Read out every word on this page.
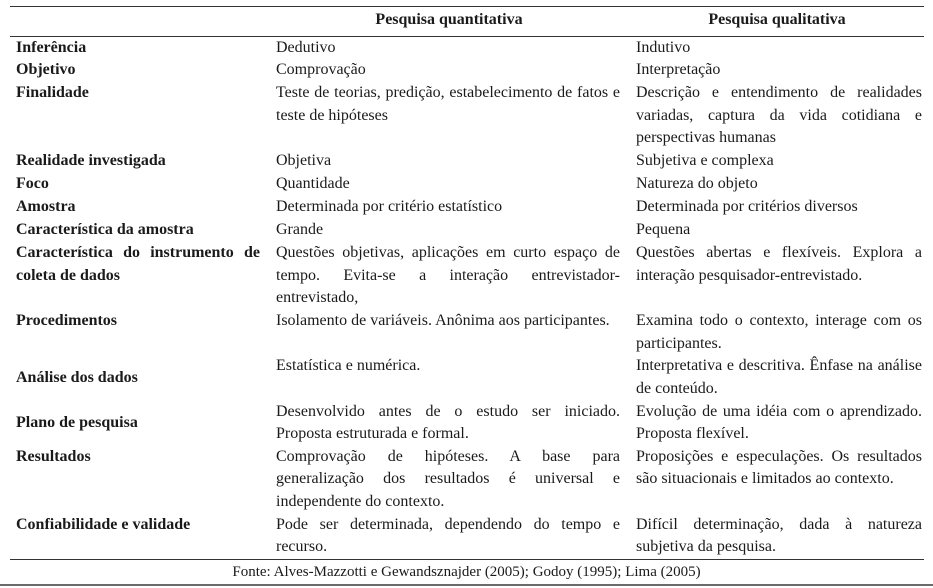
	Pesquisa quantitativa	Pesquisa qualitativa
Inferência	Dedutivo	Indutivo
Objetivo	Comprovação	Interpretação
Finalidade	Teste de teorias, predição, estabelecimento de fatos e teste de hipóteses	Descrição e entendimento de realidades variadas, captura da vida cotidiana e perspectivas humanas
Realidade investigada	Objetiva	Subjetiva e complexa
Foco	Quantidade	Natureza do objeto
Amostra	Determinada por critério estatístico	Determinada por critérios diversos
Característica da amostra	Grande	Pequena
Característica do instrumento de coleta de dados	Questões objetivas, aplicações em curto espaço de tempo. Evita-se a interação entrevistador-entrevistado,	Questões abertas e flexíveis. Explora a interação pesquisador-entrevistado.
Procedimentos	Isolamento de variáveis. Anônima aos participantes.	Examina todo o contexto, interage com os participantes.
Análise dos dados	Estatística e numérica.	Interpretativa e descritiva. Ênfase na análise de conteúdo.
Plano de pesquisa	Desenvolvido antes de o estudo ser iniciado. Proposta estruturada e formal.	Evolução de uma idéia com o aprendizado. Proposta flexível.
Resultados	Comprovação de hipóteses. A base para generalização dos resultados é universal e independente do contexto.	Proposições e especulações. Os resultados são situacionais e limitados ao contexto.
Confiabilidade e validade	Pode ser determinada, dependendo do tempo e recurso.	Difícil determinação, dada à natureza subjetiva da pesquisa.
Fonte: Alves-Mazzotti e Gewandsznajder (2005); Godoy (1995); Lima (2005)
